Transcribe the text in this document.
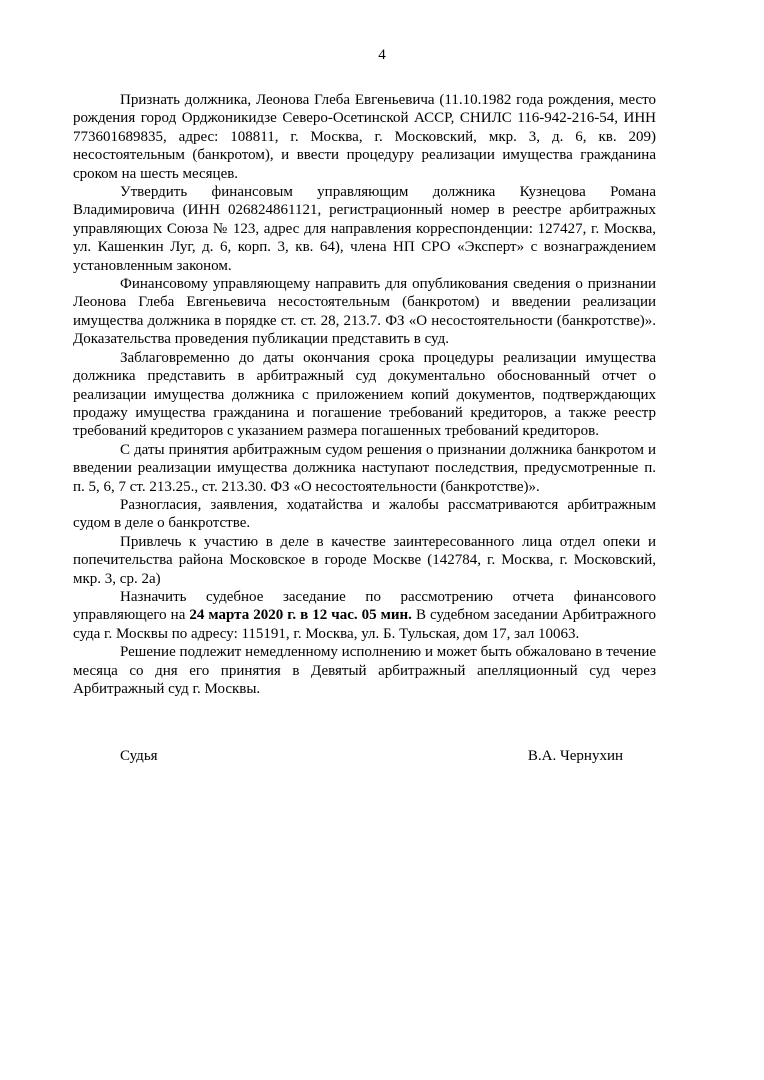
4

Признать должника, Леонова Глеба Евгеньевича (11.10.1982 года рождения, место рождения город Орджоникидзе Северо-Осетинской АССР, СНИЛС 116-942-216-54, ИНН 773601689835, адрес: 108811, г. Москва, г. Московский, мкр. 3, д. 6, кв. 209) несостоятельным (банкротом), и ввести процедуру реализации имущества гражданина сроком на шесть месяцев.

Утвердить финансовым управляющим должника Кузнецова Романа Владимировича (ИНН 026824861121, регистрационный номер в реестре арбитражных управляющих Союза № 123, адрес для направления корреспонденции: 127427, г. Москва, ул. Кашенкин Луг, д. 6, корп. 3, кв. 64), члена НП СРО «Эксперт» с вознаграждением установленным законом.

Финансовому управляющему направить для опубликования сведения о признании Леонова Глеба Евгеньевича несостоятельным (банкротом) и введении реализации имущества должника в порядке ст. ст. 28, 213.7. ФЗ «О несостоятельности (банкротстве)». Доказательства проведения публикации представить в суд.

Заблаговременно до даты окончания срока процедуры реализации имущества должника представить в арбитражный суд документально обоснованный отчет о реализации имущества должника с приложением копий документов, подтверждающих продажу имущества гражданина и погашение требований кредиторов, а также реестр требований кредиторов с указанием размера погашенных требований кредиторов.

С даты принятия арбитражным судом решения о признании должника банкротом и введении реализации имущества должника наступают последствия, предусмотренные п. п. 5, 6, 7 ст. 213.25., ст. 213.30. ФЗ «О несостоятельности (банкротстве)».

Разногласия, заявления, ходатайства и жалобы рассматриваются арбитражным судом в деле о банкротстве.

Привлечь к участию в деле в качестве заинтересованного лица отдел опеки и попечительства района Московское в городе Москве (142784, г. Москва, г. Московский, мкр. 3, ср. 2а)

Назначить судебное заседание по рассмотрению отчета финансового управляющего на 24 марта 2020 г. в 12 час. 05 мин. В судебном заседании Арбитражного суда г. Москвы по адресу: 115191, г. Москва, ул. Б. Тульская, дом 17, зал 10063.

Решение подлежит немедленному исполнению и может быть обжаловано в течение месяца со дня его принятия в Девятый арбитражный апелляционный суд через Арбитражный суд г. Москвы.

Судья	В.А. Чернухин
